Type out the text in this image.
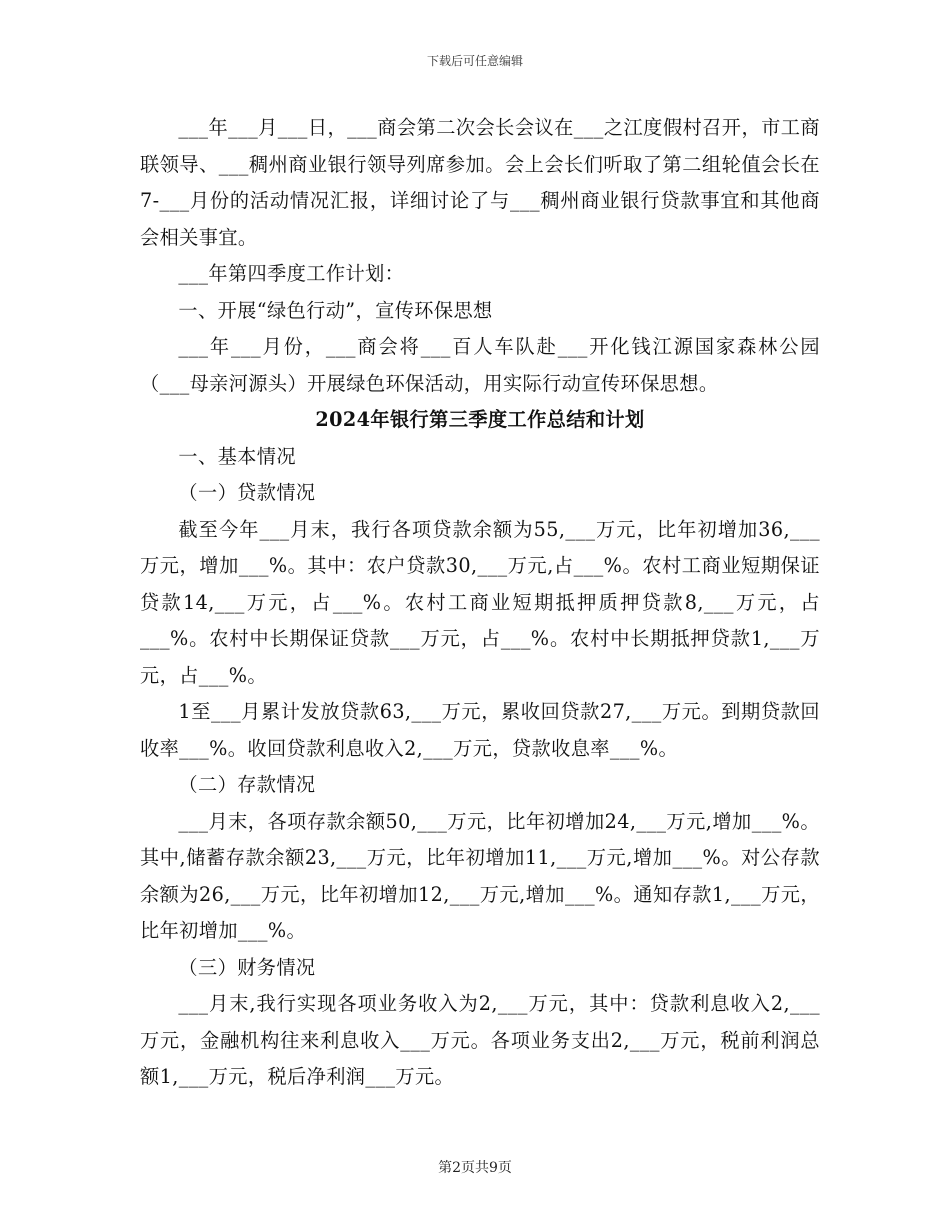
下载后可任意编辑

___年___月___日，___商会第二次会长会议在___之江度假村召开，市工商联领导、___稠州商业银行领导列席参加。会上会长们听取了第二组轮值会长在7-___月份的活动情况汇报，详细讨论了与___稠州商业银行贷款事宜和其他商会相关事宜。

___年第四季度工作计划：

一、开展“绿色行动”，宣传环保思想

___年___月份，___商会将___百人车队赴___开化钱江源国家森林公园（___母亲河源头）开展绿色环保活动，用实际行动宣传环保思想。

2024年银行第三季度工作总结和计划

一、基本情况

（一）贷款情况

截至今年___月末，我行各项贷款余额为55,___万元，比年初增加36,___万元，增加___%。其中：农户贷款30,___万元,占___%。农村工商业短期保证贷款14,___万元，占___%。农村工商业短期抵押质押贷款8,___万元，占___%。农村中长期保证贷款___万元，占___%。农村中长期抵押贷款1,___万元，占___%。

1至___月累计发放贷款63,___万元，累收回贷款27,___万元。到期贷款回收率___%。收回贷款利息收入2,___万元，贷款收息率___%。

（二）存款情况

___月末，各项存款余额50,___万元，比年初增加24,___万元,增加___%。其中,储蓄存款余额23,___万元，比年初增加11,___万元,增加___%。对公存款余额为26,___万元，比年初增加12,___万元,增加___%。通知存款1,___万元，比年初增加___%。

（三）财务情况

___月末,我行实现各项业务收入为2,___万元，其中：贷款利息收入2,___万元，金融机构往来利息收入___万元。各项业务支出2,___万元，税前利润总额1,___万元，税后净利润___万元。

第2页共9页
